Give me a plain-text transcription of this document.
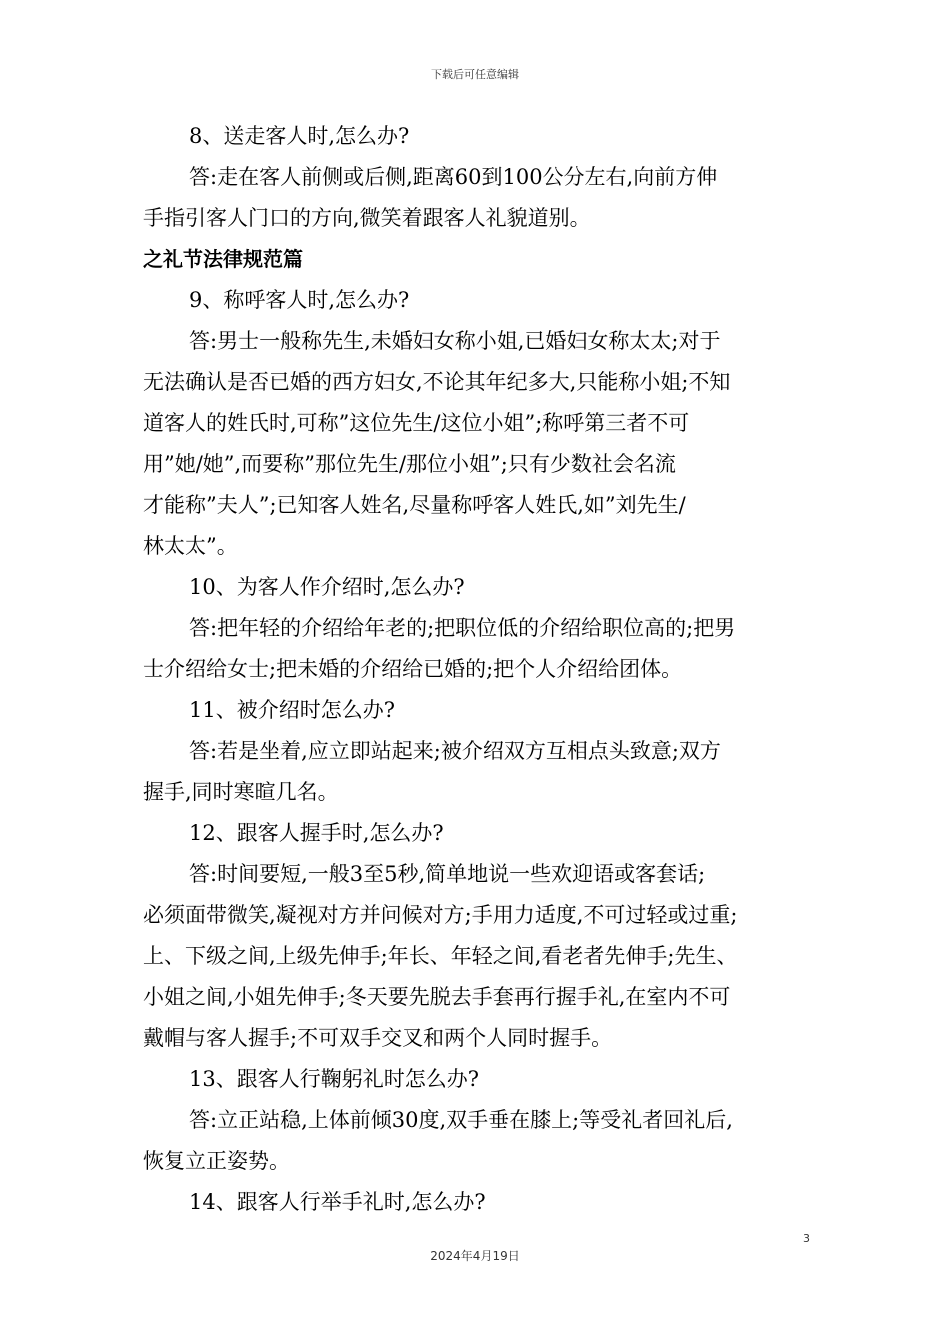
下载后可任意编辑
8、送走客人时,怎么办?
答:走在客人前侧或后侧,距离60到100公分左右,向前方伸
手指引客人门口的方向,微笑着跟客人礼貌道别。
之礼节法律规范篇
9、称呼客人时,怎么办?
答:男士一般称先生,未婚妇女称小姐,已婚妇女称太太;对于
无法确认是否已婚的西方妇女,不论其年纪多大,只能称小姐;不知
道客人的姓氏时,可称”这位先生/这位小姐”;称呼第三者不可
用”她/她”,而要称”那位先生/那位小姐”;只有少数社会名流
才能称”夫人”;已知客人姓名,尽量称呼客人姓氏,如”刘先生/
林太太”。
10、为客人作介绍时,怎么办?
答:把年轻的介绍给年老的;把职位低的介绍给职位高的;把男
士介绍给女士;把未婚的介绍给已婚的;把个人介绍给团体。
11、被介绍时怎么办?
答:若是坐着,应立即站起来;被介绍双方互相点头致意;双方
握手,同时寒暄几名。
12、跟客人握手时,怎么办?
答:时间要短,一般3至5秒,简单地说一些欢迎语或客套话;
必须面带微笑,凝视对方并问候对方;手用力适度,不可过轻或过重;
上、下级之间,上级先伸手;年长、年轻之间,看老者先伸手;先生、
小姐之间,小姐先伸手;冬天要先脱去手套再行握手礼,在室内不可
戴帽与客人握手;不可双手交叉和两个人同时握手。
13、跟客人行鞠躬礼时怎么办?
答:立正站稳,上体前倾30度,双手垂在膝上;等受礼者回礼后,
恢复立正姿势。
14、跟客人行举手礼时,怎么办?
3
2024年4月19日
